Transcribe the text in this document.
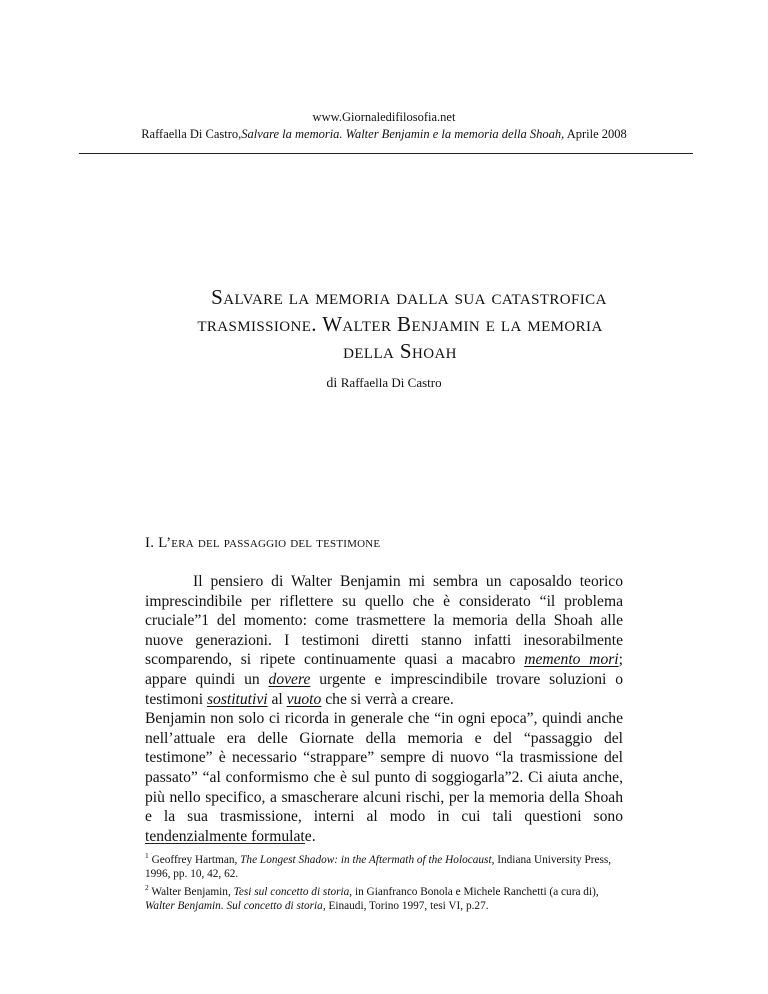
www.Giornaledifilosofia.net
Raffaella Di Castro,Salvare la memoria. Walter Benjamin e la memoria della Shoah, Aprile 2008
Salvare la memoria dalla sua catastrofica
trasmissione. Walter Benjamin e la memoria
della Shoah
di Raffaella Di Castro
I. L’era del passaggio del testimone

Il pensiero di Walter Benjamin mi sembra un caposaldo teorico imprescindibile per riflettere su quello che è considerato “il problema cruciale”1 del momento: come trasmettere la memoria della Shoah alle nuove generazioni. I testimoni diretti stanno infatti inesorabilmente scomparendo, si ripete continuamente quasi a macabro memento mori; appare quindi un dovere urgente e imprescindibile trovare soluzioni o testimoni sostitutivi al vuoto che si verrà a creare.

Benjamin non solo ci ricorda in generale che “in ogni epoca”, quindi anche nell’attuale era delle Giornate della memoria e del “passaggio del testimone” è necessario “strappare” sempre di nuovo “la trasmissione del passato” “al conformismo che è sul punto di soggiogarla”2. Ci aiuta anche, più nello specifico, a smascherare alcuni rischi, per la memoria della Shoah e la sua trasmissione, interni al modo in cui tali questioni sono tendenzialmente formulate.

$^1$ Geoffrey Hartman, The Longest Shadow: in the Aftermath of the Holocaust, Indiana University Press, 1996, pp. 10, 42, 62.

$^2$ Walter Benjamin, Tesi sul concetto di storia, in Gianfranco Bonola e Michele Ranchetti (a cura di), Walter Benjamin. Sul concetto di storia, Einaudi, Torino 1997, tesi VI, p.27.
